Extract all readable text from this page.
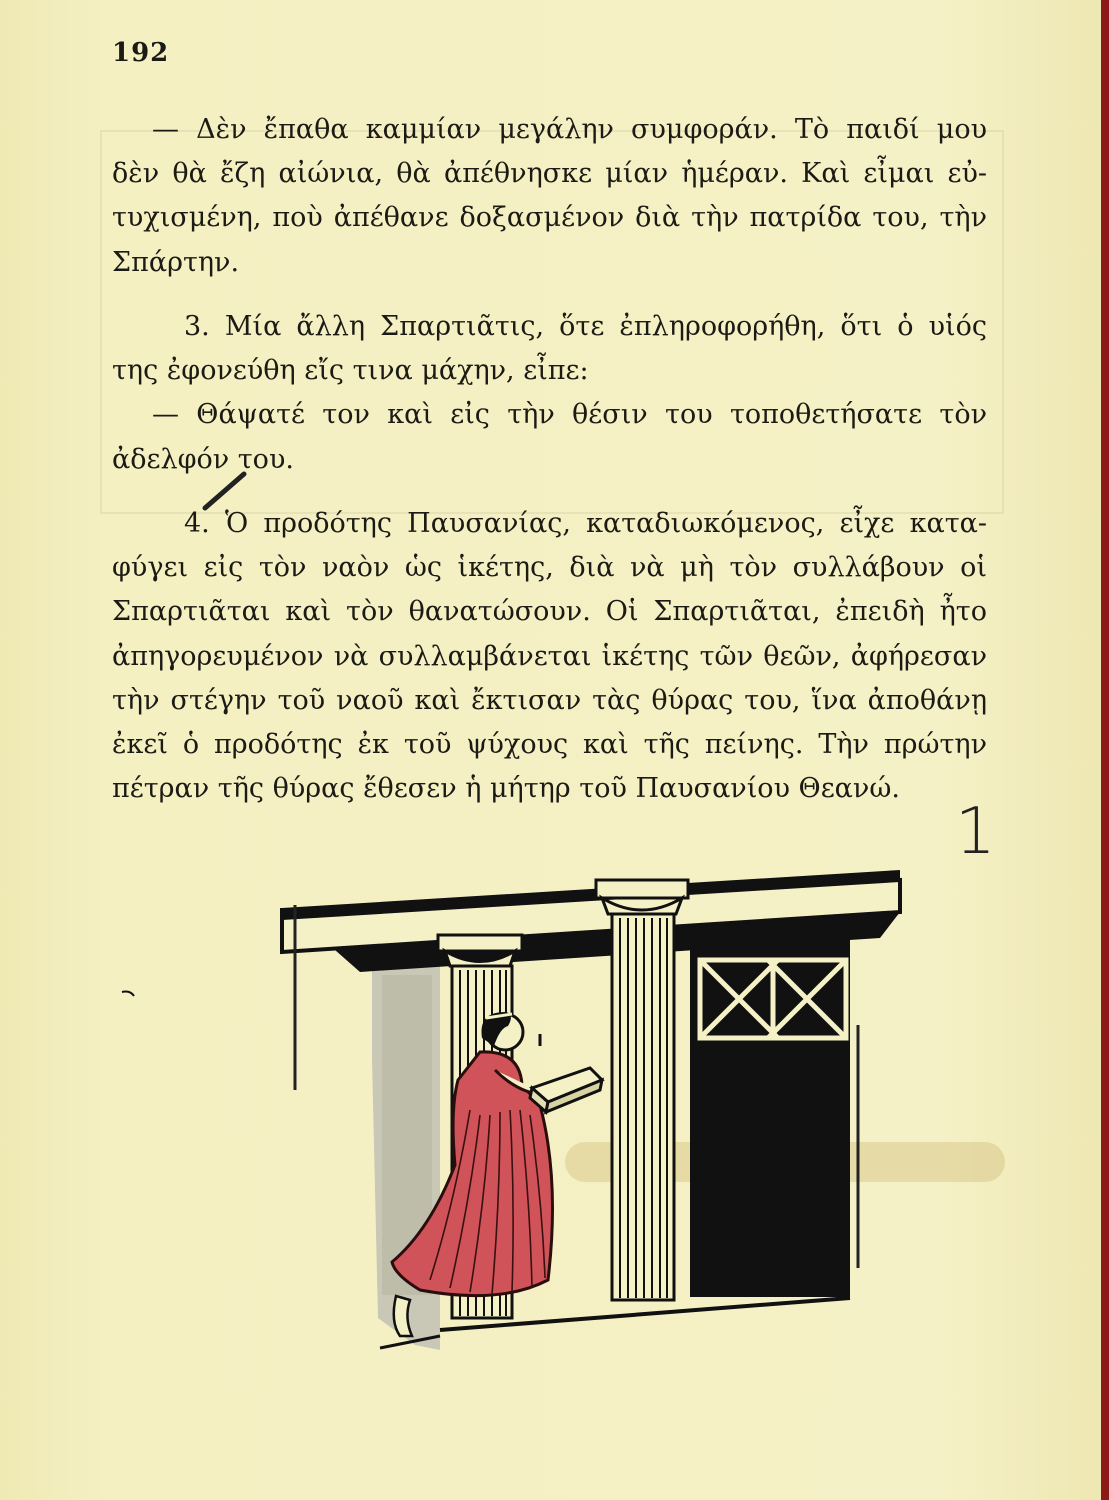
192
— Δὲν ἔπαθα καμμίαν μεγάλην συμφοράν. Τὸ παιδί μου
δὲν θὰ ἔζη αἰώνια, θὰ ἀπέθνησκε μίαν ἡμέραν. Καὶ εἶμαι εὐ-
τυχισμένη, ποὺ ἀπέθανε δοξασμένον διὰ τὴν πατρίδα του, τὴν
Σπάρτην.
3. Μία ἄλλη Σπαρτιᾶτις, ὅτε ἐπληροφορήθη, ὅτι ὁ υἱός
της ἐφονεύθη εἴς τινα μάχην, εἶπε:
— Θάψατέ τον καὶ εἰς τὴν θέσιν του τοποθετήσατε τὸν
ἀδελφόν του.
4. Ὁ προδότης Παυσανίας, καταδιωκόμενος, εἶχε κατα-
φύγει εἰς τὸν ναὸν ὡς ἱκέτης, διὰ νὰ μὴ τὸν συλλάβουν οἱ
Σπαρτιᾶται καὶ τὸν θανατώσουν. Οἱ Σπαρτιᾶται, ἐπειδὴ ἦτο
ἀπηγορευμένον νὰ συλλαμβάνεται ἱκέτης τῶν θεῶν, ἀφήρεσαν
τὴν στέγην τοῦ ναοῦ καὶ ἔκτισαν τὰς θύρας του, ἵνα ἀποθάνῃ
ἐκεῖ ὁ προδότης ἐκ τοῦ ψύχους καὶ τῆς πείνης. Τὴν πρώτην
πέτραν τῆς θύρας ἔθεσεν ἡ μήτηρ τοῦ Παυσανίου Θεανώ.
1
